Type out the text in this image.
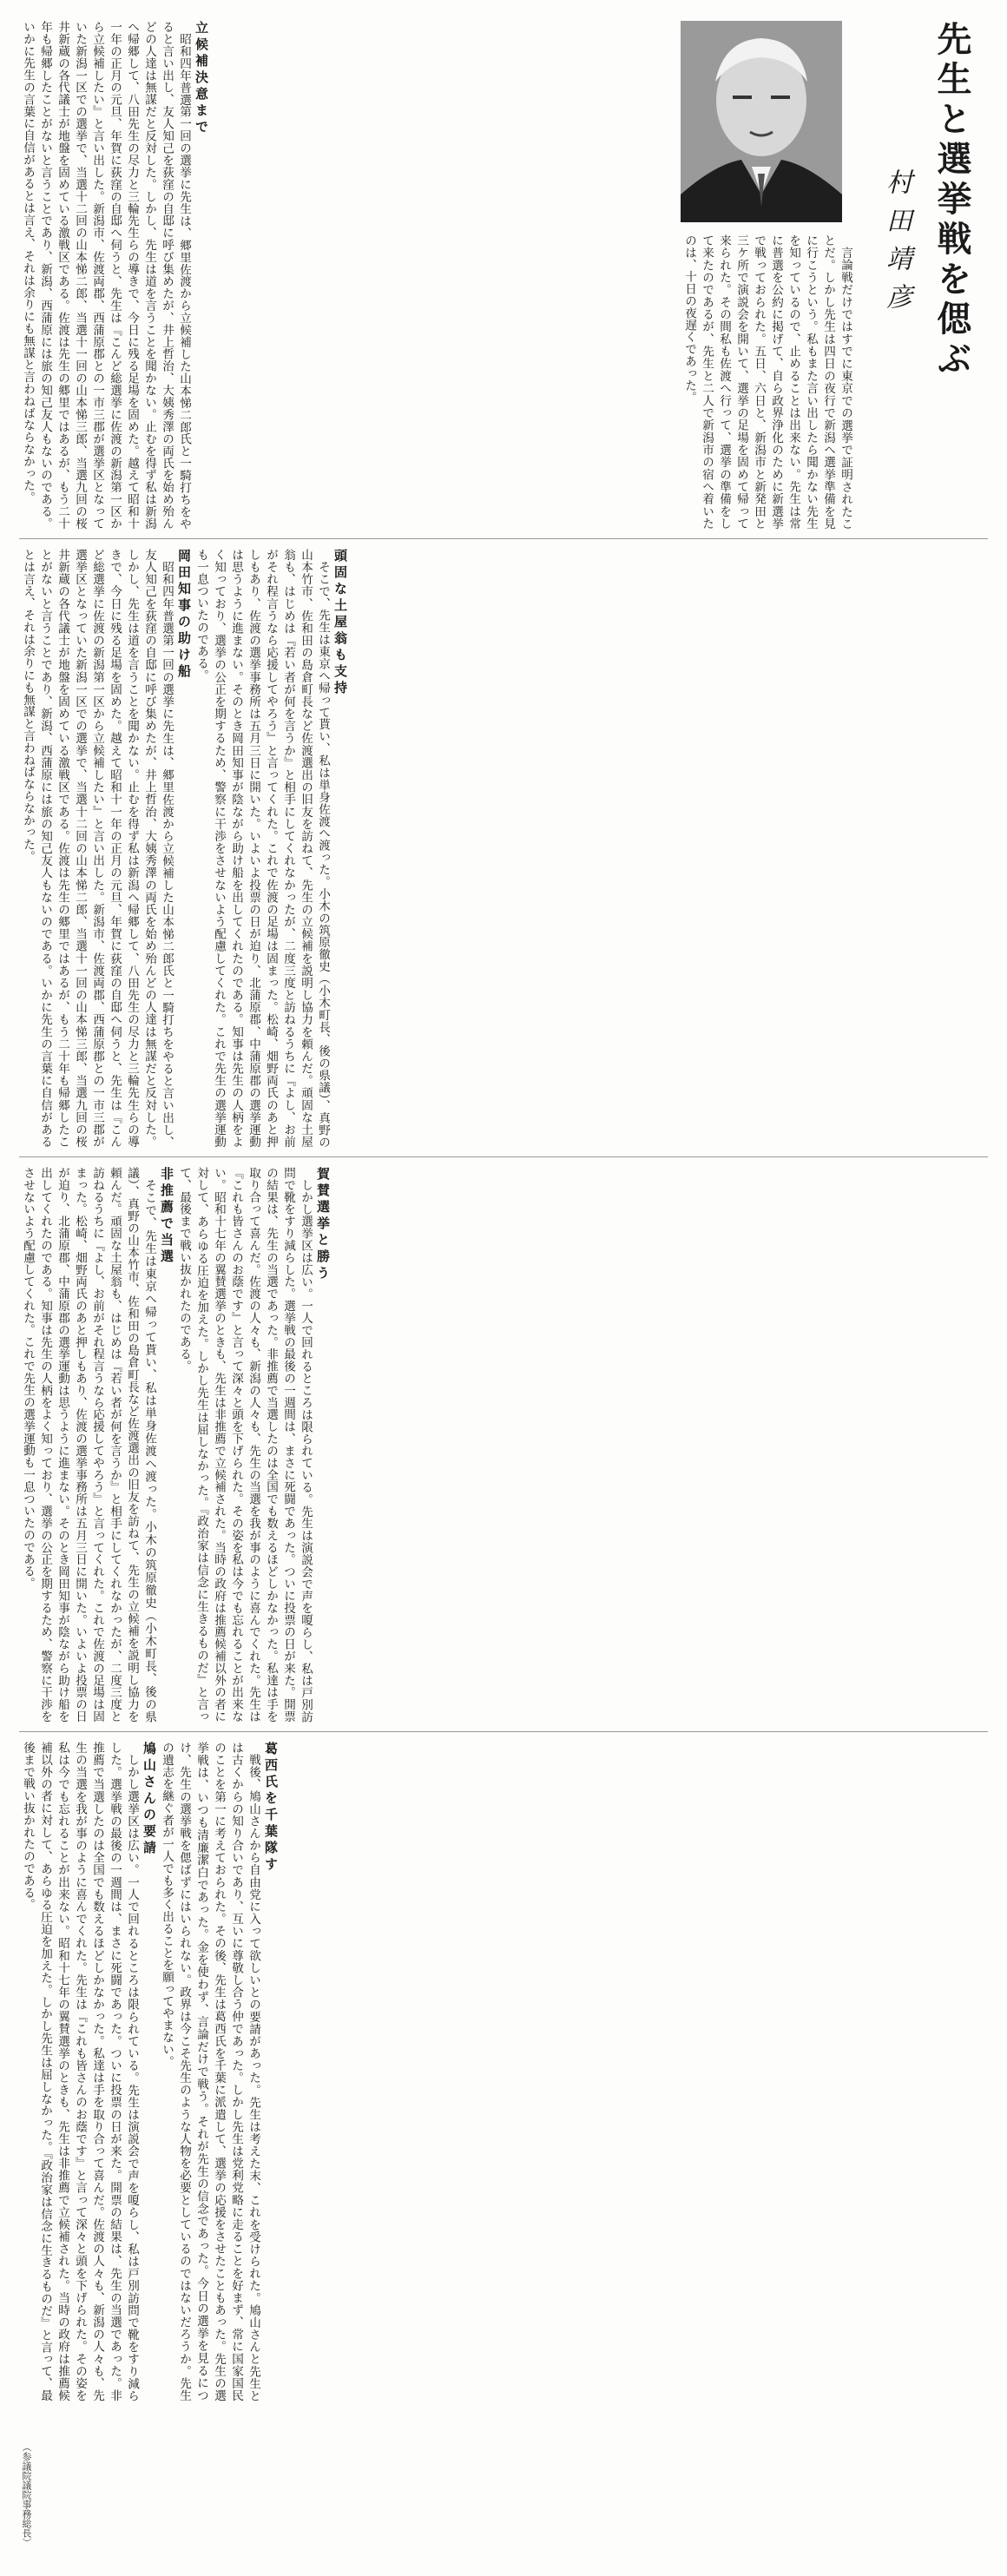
先生と選挙戦を偲ぶ
村田靖彦

立候補決意まで

昭和四年普選第一回の選挙に先生は、郷里佐渡から立候補した山本悌二郎氏と一騎打ちをやると言い出し、友人知己を荻窪の自邸に呼び集めたが、井上哲治、大姨秀澤の両氏を始め殆んどの人達は無謀だと反対した。しかし、先生は道を言うことを聞かない。止むを得ず私は新潟へ帰郷して、八田先生の尽力と三輪先生らの導きで、今日に残る足場を固めた。越えて昭和十一年の正月の元旦、年賀に荻窪の自邸へ伺うと、先生は『こんど総選挙に佐渡の新潟第一区から立候補したい』と言い出した。新潟市、佐渡両郡、西蒲原郡との一市三郡が選挙区となっていた新潟一区での選挙で、当選十二回の山本悌二郎、当選十一回の山本悌三郎、当選九回の桜井新蔵の各代議士が地盤を固めている激戦区である。佐渡は先生の郷里ではあるが、もう二十年も帰郷したことがないと言うことであり、新潟、西蒲原には旅の知己友人もないのである。いかに先生の言葉に自信があるとは言え、それは余りにも無謀と言わねばならなかった。	言論戦だけではすでに東京での選挙で証明されたことだ。しかし先生は四日の夜行で新潟へ選挙準備を見に行こうという。私もまた言い出したら聞かない先生を知っているので、止めることは出来ない。先生は常に普選を公約に掲げて、自ら政界浄化のために新選挙で戦っておられた。五日、六日と、新潟市と新発田と三ケ所で演説会を開いて、選挙の足場を固めて帰って来られた。その間私も佐渡へ行って、選挙の準備をして来たのであるが、先生と二人で新潟市の宿へ着いたのは、十日の夜遅くであった。

頭固な土屋翁も支持

そこで、先生は東京へ帰って貰い、私は単身佐渡へ渡った。小木の筑原徹史（小木町長、後の県議）、真野の山本竹市、佐和田の島倉町長など佐渡選出の旧友を訪ねて、先生の立候補を説明し協力を頼んだ。頑固な土屋翁も、はじめは『若い者が何を言うか』と相手にしてくれなかったが、二度三度と訪ねるうちに『よし、お前がそれ程言うなら応援してやろう』と言ってくれた。これで佐渡の足場は固まった。松崎、畑野両氏のあと押しもあり、佐渡の選挙事務所は五月三日に開いた。いよいよ投票の日が迫り、北蒲原郡、中蒲原郡の選挙運動は思うように進まない。そのとき岡田知事が陰ながら助け船を出してくれたのである。知事は先生の人柄をよく知っており、選挙の公正を期するため、警察に干渉をさせないよう配慮してくれた。これで先生の選挙運動も一息ついたのである。

岡田知事の助け船

昭和四年普選第一回の選挙に先生は、郷里佐渡から立候補した山本悌二郎氏と一騎打ちをやると言い出し、友人知己を荻窪の自邸に呼び集めたが、井上哲治、大姨秀澤の両氏を始め殆んどの人達は無謀だと反対した。しかし、先生は道を言うことを聞かない。止むを得ず私は新潟へ帰郷して、八田先生の尽力と三輪先生らの導きで、今日に残る足場を固めた。越えて昭和十一年の正月の元旦、年賀に荻窪の自邸へ伺うと、先生は『こんど総選挙に佐渡の新潟第一区から立候補したい』と言い出した。新潟市、佐渡両郡、西蒲原郡との一市三郡が選挙区となっていた新潟一区での選挙で、当選十二回の山本悌二郎、当選十一回の山本悌三郎、当選九回の桜井新蔵の各代議士が地盤を固めている激戦区である。佐渡は先生の郷里ではあるが、もう二十年も帰郷したことがないと言うことであり、新潟、西蒲原には旅の知己友人もないのである。いかに先生の言葉に自信があるとは言え、それは余りにも無謀と言わねばならなかった。

賀賛選挙と勝う

しかし選挙区は広い。一人で回れるところは限られている。先生は演説会で声を嗄らし、私は戸別訪問で靴をすり減らした。選挙戦の最後の一週間は、まさに死闘であった。ついに投票の日が来た。開票の結果は、先生の当選であった。非推薦で当選したのは全国でも数えるほどしかなかった。私達は手を取り合って喜んだ。佐渡の人々も、新潟の人々も、先生の当選を我が事のように喜んでくれた。先生は『これも皆さんのお蔭です』と言って深々と頭を下げられた。その姿を私は今でも忘れることが出来ない。昭和十七年の翼賛選挙のときも、先生は非推薦で立候補された。当時の政府は推薦候補以外の者に対して、あらゆる圧迫を加えた。しかし先生は屈しなかった。『政治家は信念に生きるものだ』と言って、最後まで戦い抜かれたのである。

非推薦で当選

そこで、先生は東京へ帰って貰い、私は単身佐渡へ渡った。小木の筑原徹史（小木町長、後の県議）、真野の山本竹市、佐和田の島倉町長など佐渡選出の旧友を訪ねて、先生の立候補を説明し協力を頼んだ。頑固な土屋翁も、はじめは『若い者が何を言うか』と相手にしてくれなかったが、二度三度と訪ねるうちに『よし、お前がそれ程言うなら応援してやろう』と言ってくれた。これで佐渡の足場は固まった。松崎、畑野両氏のあと押しもあり、佐渡の選挙事務所は五月三日に開いた。いよいよ投票の日が迫り、北蒲原郡、中蒲原郡の選挙運動は思うように進まない。そのとき岡田知事が陰ながら助け船を出してくれたのである。知事は先生の人柄をよく知っており、選挙の公正を期するため、警察に干渉をさせないよう配慮してくれた。これで先生の選挙運動も一息ついたのである。

葛西氏を千葉隊す

戦後、鳩山さんから自由党に入って欲しいとの要請があった。先生は考えた末、これを受けられた。鳩山さんと先生とは古くからの知り合いであり、互いに尊敬し合う仲であった。しかし先生は党利党略に走ることを好まず、常に国家国民のことを第一に考えておられた。その後、先生は葛西氏を千葉に派遣して、選挙の応援をさせたこともあった。先生の選挙戦は、いつも清廉潔白であった。金を使わず、言論だけで戦う。それが先生の信念であった。今日の選挙を見るにつけ、先生の選挙戦を偲ばずにはいられない。政界は今こそ先生のような人物を必要としているのではないだろうか。先生の遺志を継ぐ者が一人でも多く出ることを願ってやまない。

鳩山さんの要請

しかし選挙区は広い。一人で回れるところは限られている。先生は演説会で声を嗄らし、私は戸別訪問で靴をすり減らした。選挙戦の最後の一週間は、まさに死闘であった。ついに投票の日が来た。開票の結果は、先生の当選であった。非推薦で当選したのは全国でも数えるほどしかなかった。私達は手を取り合って喜んだ。佐渡の人々も、新潟の人々も、先生の当選を我が事のように喜んでくれた。先生は『これも皆さんのお蔭です』と言って深々と頭を下げられた。その姿を私は今でも忘れることが出来ない。昭和十七年の翼賛選挙のときも、先生は非推薦で立候補された。当時の政府は推薦候補以外の者に対して、あらゆる圧迫を加えた。しかし先生は屈しなかった。『政治家は信念に生きるものだ』と言って、最後まで戦い抜かれたのである。

（参議院議院事務総長）
